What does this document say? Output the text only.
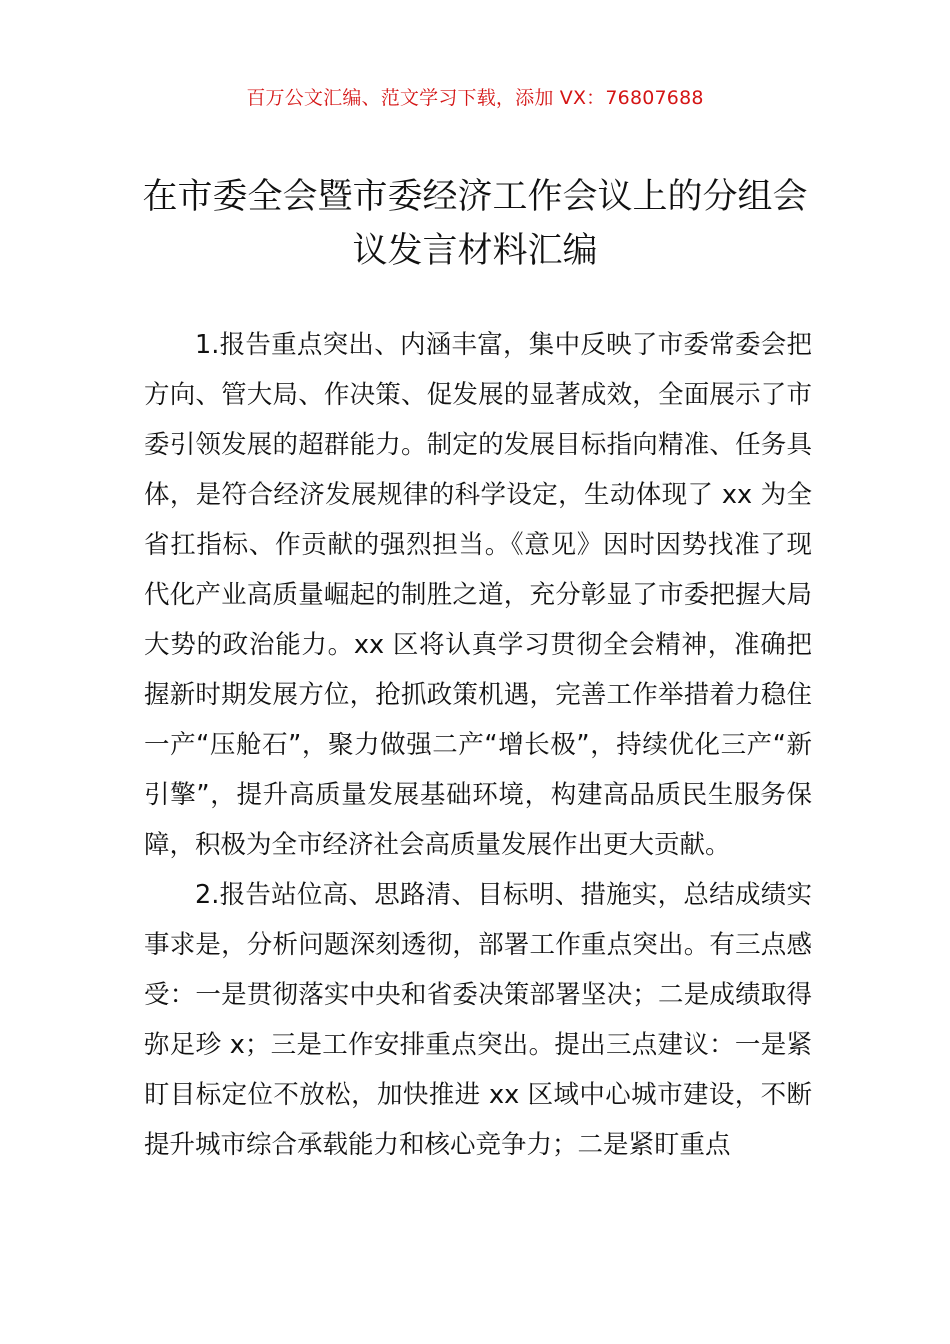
百万公文汇编、范文学习下载，添加 VX：76807688
在市委全会暨市委经济工作会议上的分组会议发言材料汇编

1.报告重点突出、内涵丰富，集中反映了市委常委会把方向、管大局、作决策、促发展的显著成效，全面展示了市委引领发展的超群能力。制定的发展目标指向精准、任务具体，是符合经济发展规律的科学设定，生动体现了 xx 为全省扛指标、作贡献的强烈担当。《意见》因时因势找准了现代化产业高质量崛起的制胜之道，充分彰显了市委把握大局大势的政治能力。xx 区将认真学习贯彻全会精神，准确把握新时期发展方位，抢抓政策机遇，完善工作举措着力稳住一产“压舱石”，聚力做强二产“增长极”，持续优化三产“新引擎”，提升高质量发展基础环境，构建高品质民生服务保障，积极为全市经济社会高质量发展作出更大贡献。

2.报告站位高、思路清、目标明、措施实，总结成绩实事求是，分析问题深刻透彻，部署工作重点突出。有三点感受：一是贯彻落实中央和省委决策部署坚决；二是成绩取得弥足珍 x；三是工作安排重点突出。提出三点建议：一是紧盯目标定位不放松，加快推进 xx 区域中心城市建设，不断提升城市综合承载能力和核心竞争力；二是紧盯重点
